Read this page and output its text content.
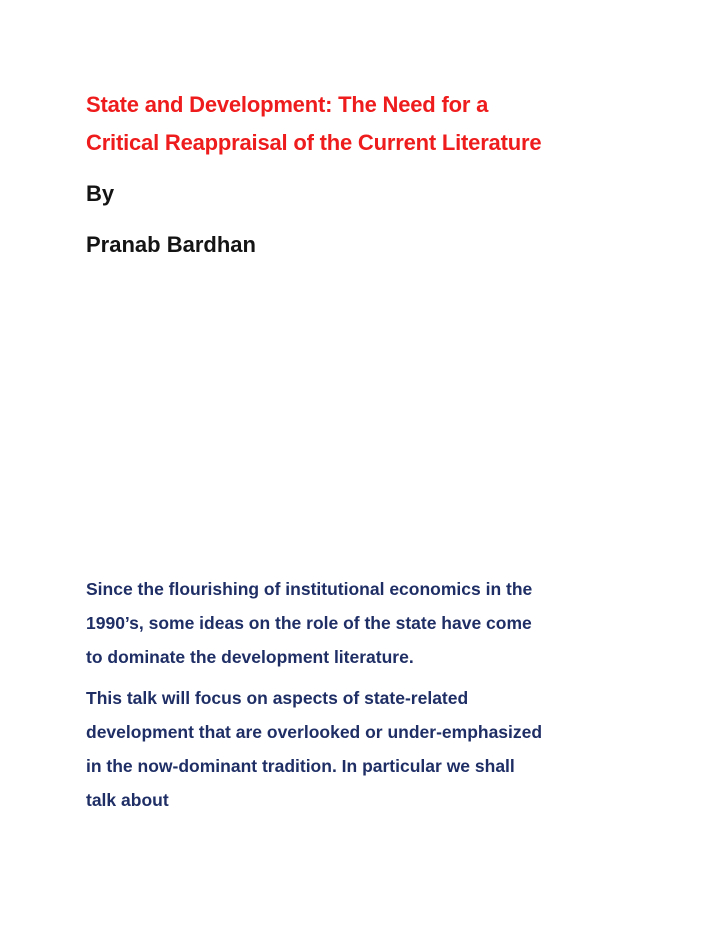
State and Development: The Need for a
Critical Reappraisal of the Current Literature

By

Pranab Bardhan

Since the flourishing of institutional economics in the
1990’s, some ideas on the role of the state have come
to dominate the development literature.

This talk will focus on aspects of state-related
development that are overlooked or under-emphasized
in the now-dominant tradition. In particular we shall
talk about
